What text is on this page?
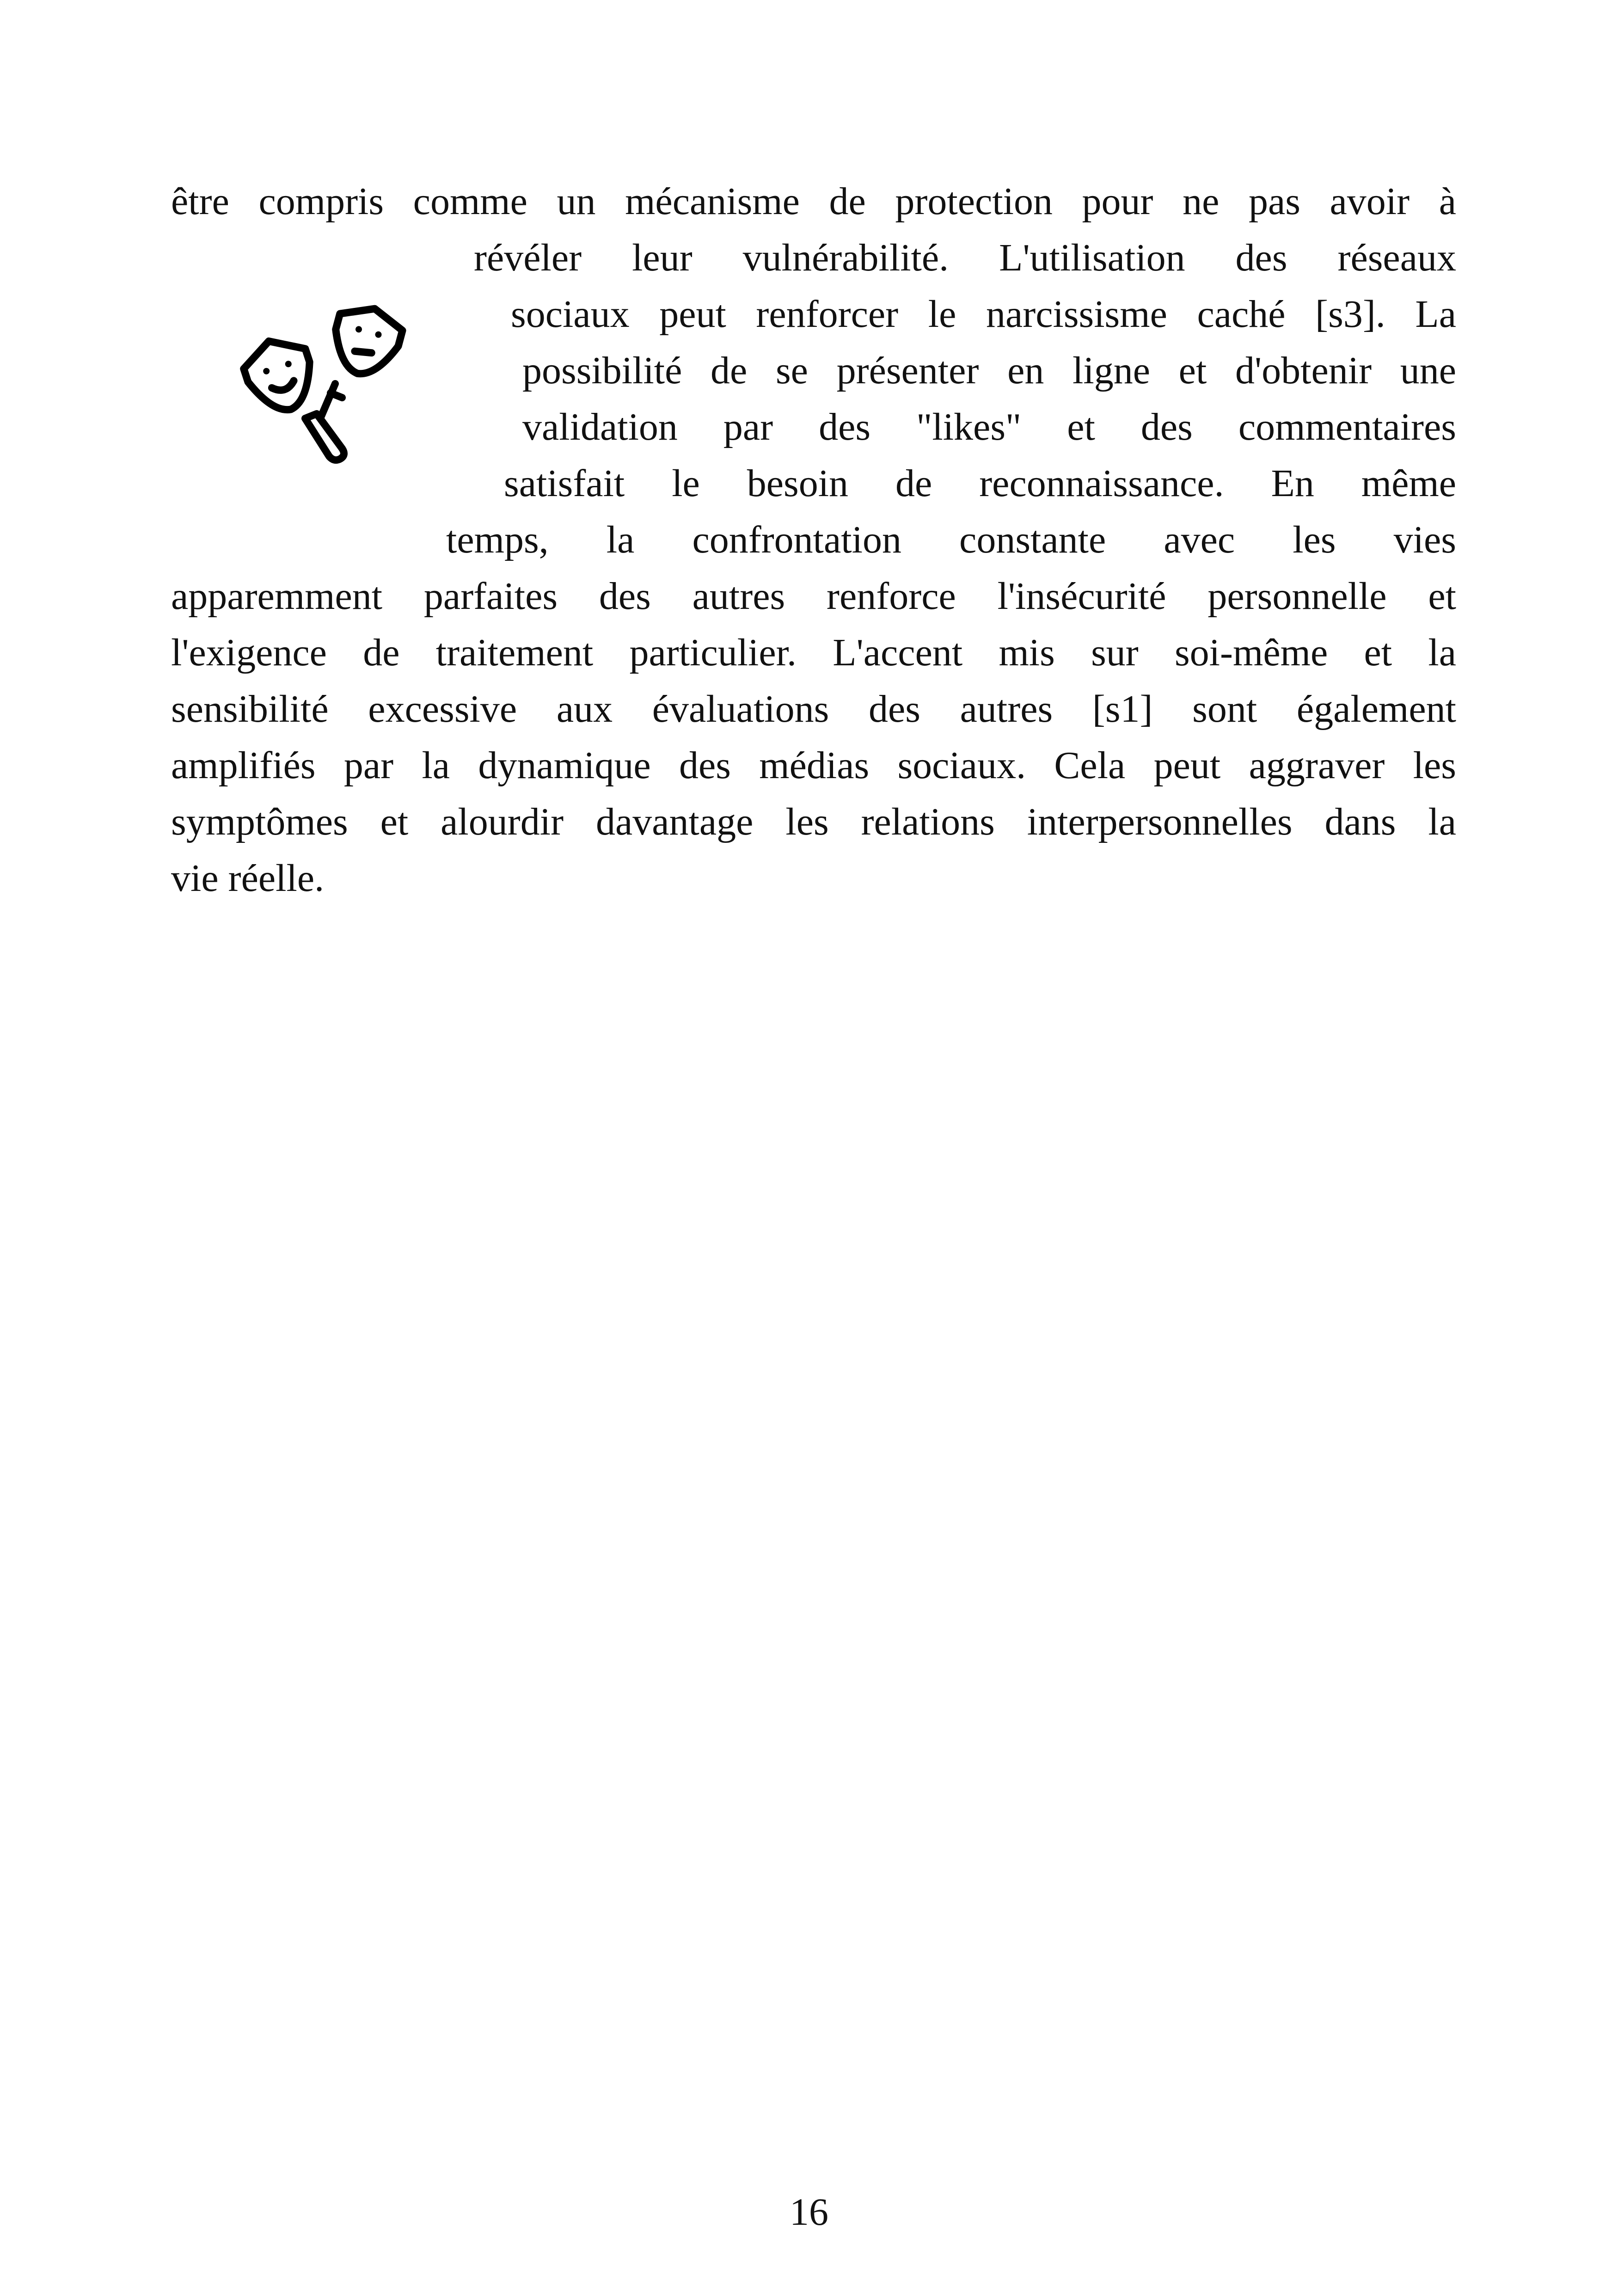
être compris comme un mécanisme de protection pour ne pas avoir à
révéler leur vulnérabilité. L'utilisation des réseaux
sociaux peut renforcer le narcissisme caché [s3]. La
possibilité de se présenter en ligne et d'obtenir une
validation par des "likes" et des commentaires
satisfait le besoin de reconnaissance. En même
temps, la confrontation constante avec les vies
apparemment parfaites des autres renforce l'insécurité personnelle et
l'exigence de traitement particulier. L'accent mis sur soi-même et la
sensibilité excessive aux évaluations des autres [s1] sont également
amplifiés par la dynamique des médias sociaux. Cela peut aggraver les
symptômes et alourdir davantage les relations interpersonnelles dans la
vie réelle.
16
